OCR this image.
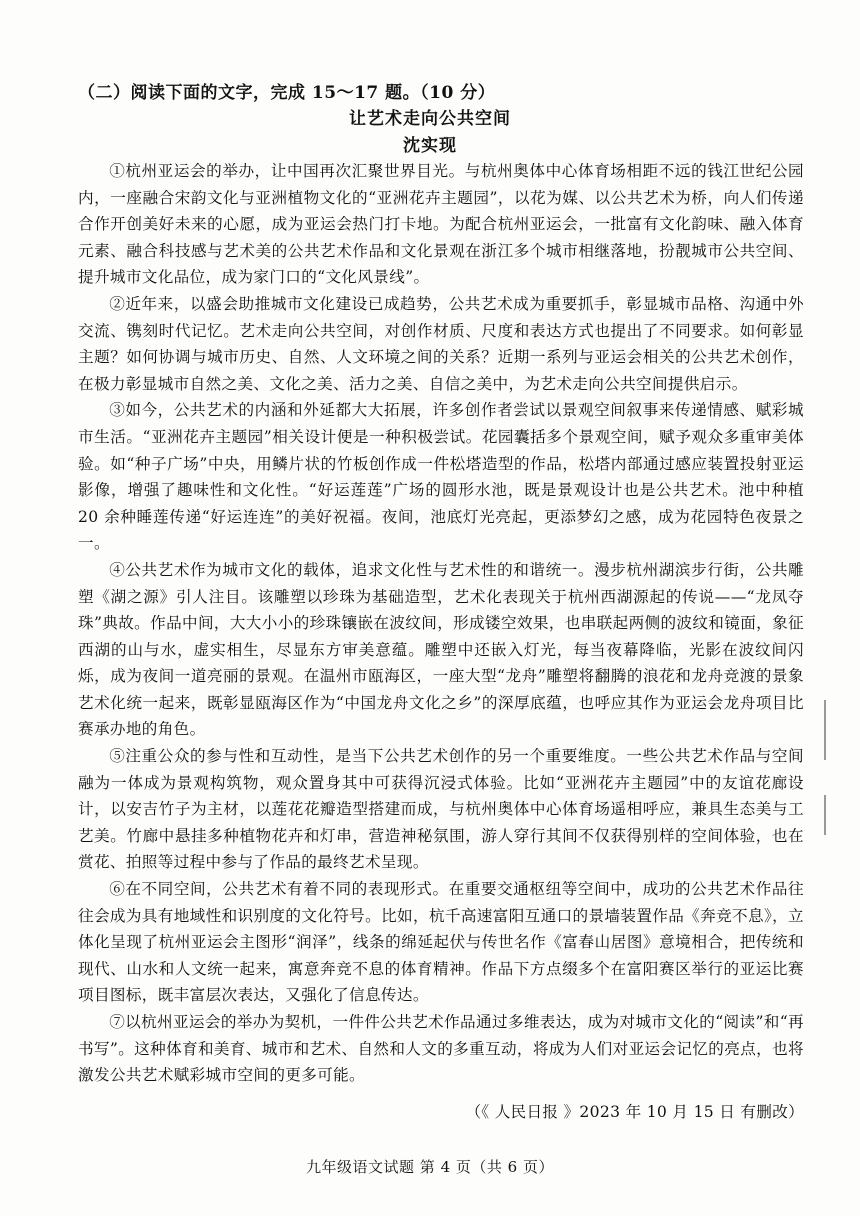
（二）阅读下面的文字，完成 15～17 题。（10 分）
让艺术走向公共空间
沈实现

①杭州亚运会的举办，让中国再次汇聚世界目光。与杭州奥体中心体育场相距不远的钱江世纪公园内，一座融合宋韵文化与亚洲植物文化的“亚洲花卉主题园”，以花为媒、以公共艺术为桥，向人们传递合作开创美好未来的心愿，成为亚运会热门打卡地。为配合杭州亚运会，一批富有文化韵味、融入体育元素、融合科技感与艺术美的公共艺术作品和文化景观在浙江多个城市相继落地，扮靓城市公共空间、提升城市文化品位，成为家门口的“文化风景线”。

②近年来，以盛会助推城市文化建设已成趋势，公共艺术成为重要抓手，彰显城市品格、沟通中外交流、镌刻时代记忆。艺术走向公共空间，对创作材质、尺度和表达方式也提出了不同要求。如何彰显主题？如何协调与城市历史、自然、人文环境之间的关系？近期一系列与亚运会相关的公共艺术创作，在极力彰显城市自然之美、文化之美、活力之美、自信之美中，为艺术走向公共空间提供启示。

③如今，公共艺术的内涵和外延都大大拓展，许多创作者尝试以景观空间叙事来传递情感、赋彩城市生活。“亚洲花卉主题园”相关设计便是一种积极尝试。花园囊括多个景观空间，赋予观众多重审美体验。如“种子广场”中央，用鳞片状的竹板创作成一件松塔造型的作品，松塔内部通过感应装置投射亚运影像，增强了趣味性和文化性。“好运莲莲”广场的圆形水池，既是景观设计也是公共艺术。池中种植 20 余种睡莲传递“好运连连”的美好祝福。夜间，池底灯光亮起，更添梦幻之感，成为花园特色夜景之一。

④公共艺术作为城市文化的载体，追求文化性与艺术性的和谐统一。漫步杭州湖滨步行街，公共雕塑《湖之源》引人注目。该雕塑以珍珠为基础造型，艺术化表现关于杭州西湖源起的传说——“龙凤夺珠”典故。作品中间，大大小小的珍珠镶嵌在波纹间，形成镂空效果，也串联起两侧的波纹和镜面，象征西湖的山与水，虚实相生，尽显东方审美意蕴。雕塑中还嵌入灯光，每当夜幕降临，光影在波纹间闪烁，成为夜间一道亮丽的景观。在温州市瓯海区，一座大型“龙舟”雕塑将翻腾的浪花和龙舟竞渡的景象艺术化统一起来，既彰显瓯海区作为“中国龙舟文化之乡”的深厚底蕴，也呼应其作为亚运会龙舟项目比赛承办地的角色。

⑤注重公众的参与性和互动性，是当下公共艺术创作的另一个重要维度。一些公共艺术作品与空间融为一体成为景观构筑物，观众置身其中可获得沉浸式体验。比如“亚洲花卉主题园”中的友谊花廊设计，以安吉竹子为主材，以莲花花瓣造型搭建而成，与杭州奥体中心体育场遥相呼应，兼具生态美与工艺美。竹廊中悬挂多种植物花卉和灯串，营造神秘氛围，游人穿行其间不仅获得别样的空间体验，也在赏花、拍照等过程中参与了作品的最终艺术呈现。

⑥在不同空间，公共艺术有着不同的表现形式。在重要交通枢纽等空间中，成功的公共艺术作品往往会成为具有地域性和识别度的文化符号。比如，杭千高速富阳互通口的景墙装置作品《奔竞不息》，立体化呈现了杭州亚运会主图形“润泽”，线条的绵延起伏与传世名作《富春山居图》意境相合，把传统和现代、山水和人文统一起来，寓意奔竞不息的体育精神。作品下方点缀多个在富阳赛区举行的亚运比赛项目图标，既丰富层次表达，又强化了信息传达。

⑦以杭州亚运会的举办为契机，一件件公共艺术作品通过多维表达，成为对城市文化的“阅读”和“再书写”。这种体育和美育、城市和艺术、自然和人文的多重互动，将成为人们对亚运会记忆的亮点，也将激发公共艺术赋彩城市空间的更多可能。

（《 人民日报 》2023 年 10 月 15 日 有删改）
九年级语文试题 第 4 页（共 6 页）
